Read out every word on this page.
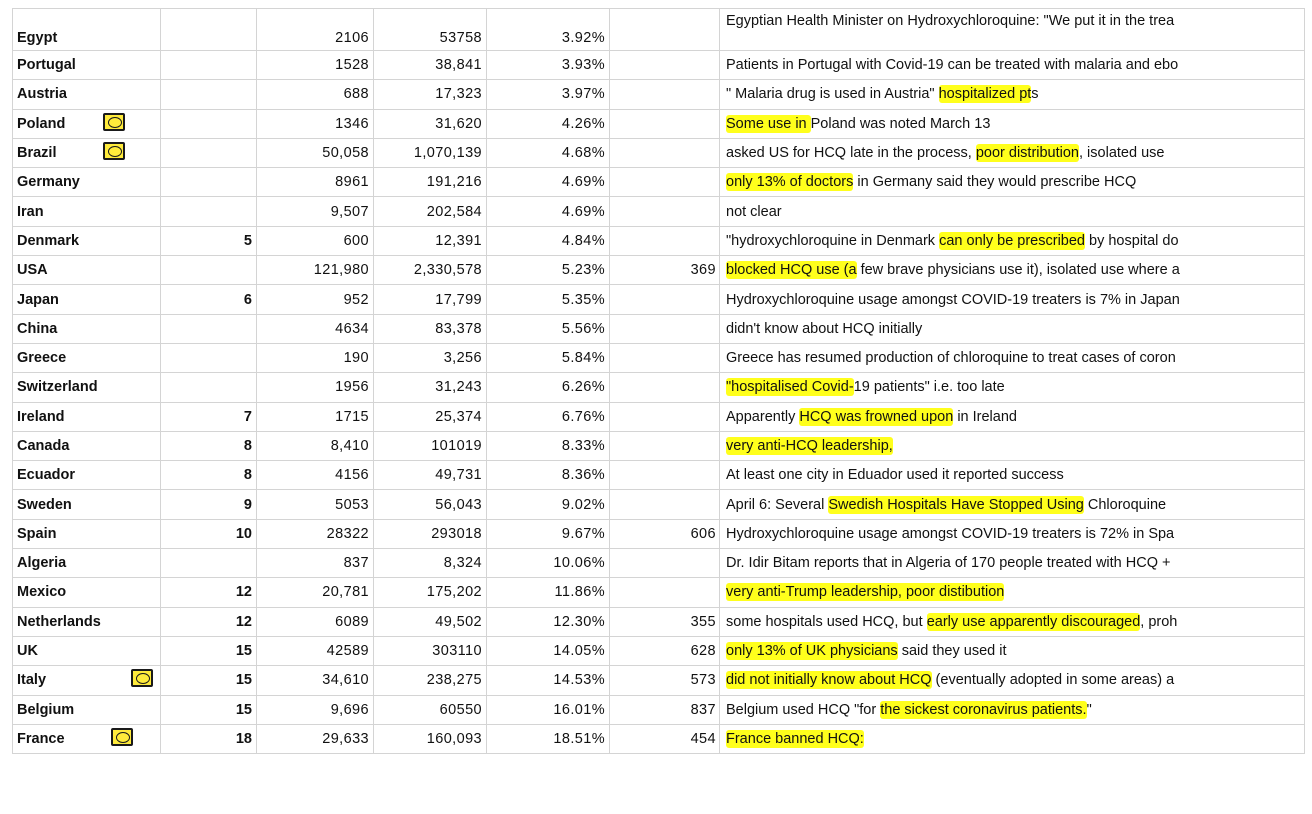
Egypt		2106	53758	3.92%		Egyptian Health Minister on Hydroxychloroquine: "We put it in the trea
Portugal		1528	38,841	3.93%		Patients in Portugal with Covid-19 can be treated with malaria and ebo
Austria		688	17,323	3.97%		" Malaria drug is used in Austria" hospitalized pts
Poland		1346	31,620	4.26%		Some use in Poland was noted March 13
Brazil		50,058	1,070,139	4.68%		asked US for HCQ late in the process, poor distribution, isolated use
Germany		8961	191,216	4.69%		only 13% of doctors in Germany said they would prescribe HCQ
Iran		9,507	202,584	4.69%		not clear
Denmark	5	600	12,391	4.84%		"hydroxychloroquine in Denmark can only be prescribed by hospital do
USA		121,980	2,330,578	5.23%	369	blocked HCQ use (a few brave physicians use it), isolated use where a
Japan	6	952	17,799	5.35%		Hydroxychloroquine usage amongst COVID-19 treaters is 7% in Japan
China		4634	83,378	5.56%		didn't know about HCQ initially
Greece		190	3,256	5.84%		Greece has resumed production of chloroquine to treat cases of coron
Switzerland		1956	31,243	6.26%		"hospitalised Covid-19 patients" i.e. too late
Ireland	7	1715	25,374	6.76%		Apparently HCQ was frowned upon in Ireland
Canada	8	8,410	101019	8.33%		very anti-HCQ leadership,
Ecuador	8	4156	49,731	8.36%		At least one city in Eduador used it reported success
Sweden	9	5053	56,043	9.02%		April 6: Several Swedish Hospitals Have Stopped Using Chloroquine
Spain	10	28322	293018	9.67%	606	Hydroxychloroquine usage amongst COVID-19 treaters is 72% in Spa
Algeria		837	8,324	10.06%		Dr. Idir Bitam reports that in Algeria of 170 people treated with HCQ +
Mexico	12	20,781	175,202	11.86%		very anti-Trump leadership, poor distibution
Netherlands	12	6089	49,502	12.30%	355	some hospitals used HCQ, but early use apparently discouraged, proh
UK	15	42589	303110	14.05%	628	only 13% of UK physicians said they used it
Italy	15	34,610	238,275	14.53%	573	did not initially know about HCQ (eventually adopted in some areas) a
Belgium	15	9,696	60550	16.01%	837	Belgium used HCQ "for the sickest coronavirus patients."
France	18	29,633	160,093	18.51%	454	France banned HCQ:
